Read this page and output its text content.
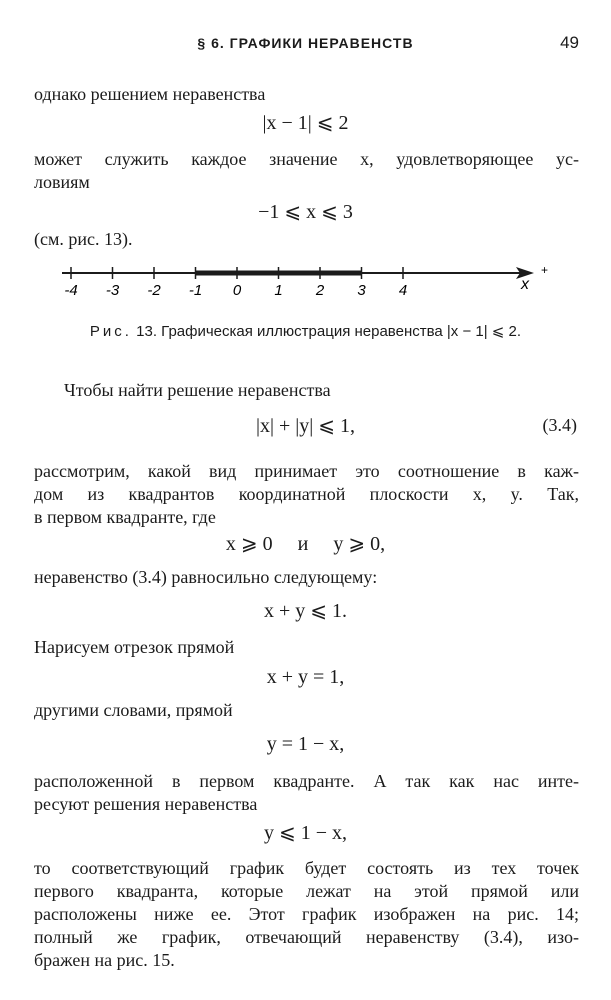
§ 6. ГРАФИКИ НЕРАВЕНСТВ	49
однако решением неравенства
|x − 1| ⩽ 2
может служить каждое значение x, удовлетворяющее ус-
ловиям
−1 ⩽ x ⩽ 3
(см. рис. 13).
-4 -3 -2 -1 0 1 2 3 4	x
+
Рис. 13. Графическая иллюстрация неравенства |x − 1| ⩽ 2.
Чтобы найти решение неравенства
|x| + |y| ⩽ 1,	(3.4)
рассмотрим, какой вид принимает это соотношение в каж-
дом из квадрантов координатной плоскости x, y. Так,
в первом квадранте, где
x ⩾ 0     и     y ⩾ 0,
неравенство (3.4) равносильно следующему:
x + y ⩽ 1.
Нарисуем отрезок прямой
x + y = 1,
другими словами, прямой
y = 1 − x,
расположенной в первом квадранте. А так как нас инте-
ресуют решения неравенства
y ⩽ 1 − x,
то соответствующий график будет состоять из тех точек
первого квадранта, которые лежат на этой прямой или
расположены ниже ее. Этот график изображен на рис. 14;
полный же график, отвечающий неравенству (3.4), изо-
бражен на рис. 15.
